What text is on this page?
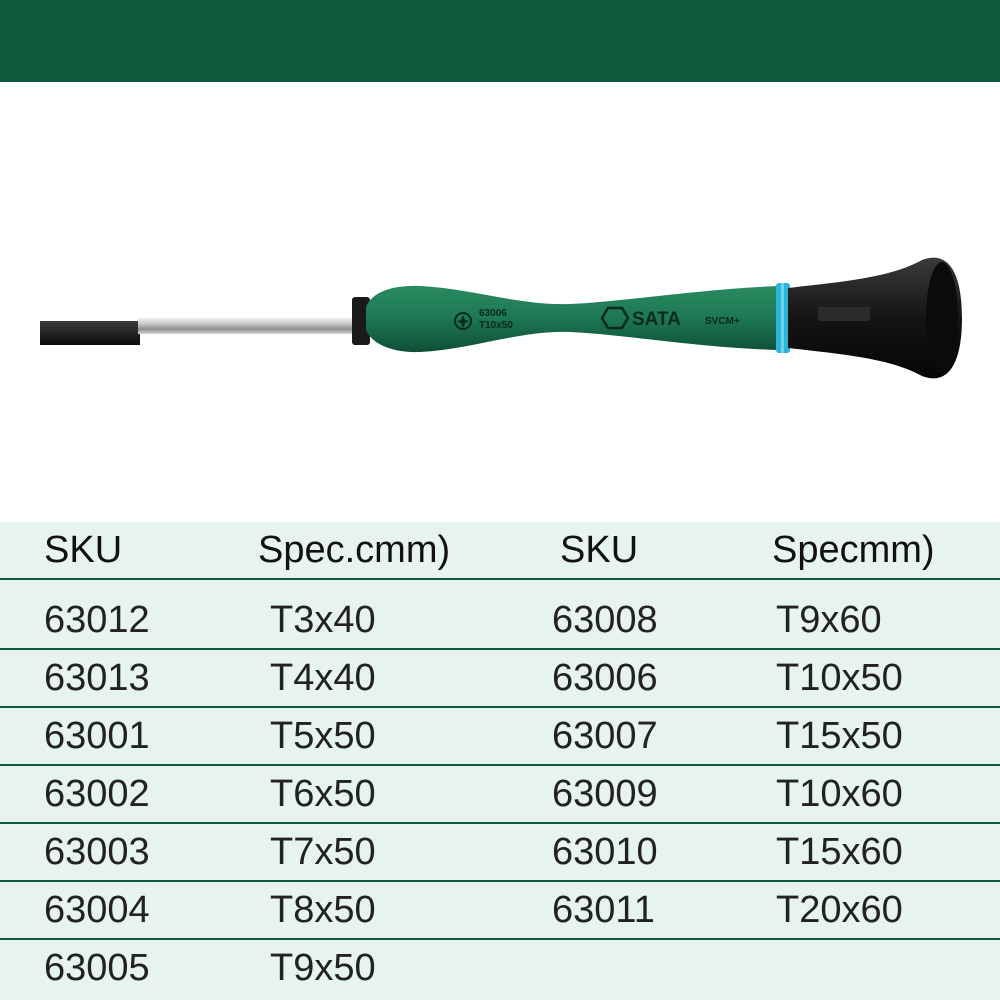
63006
T10x50	SATA SVCM+
SKU	Spec.cmm)	SKU	Specmm)
63012	T3x40	63008	T9x60
63013	T4x40	63006	T10x50
63001	T5x50	63007	T15x50
63002	T6x50	63009	T10x60
63003	T7x50	63010	T15x60
63004	T8x50	63011	T20x60
63005	T9x50
